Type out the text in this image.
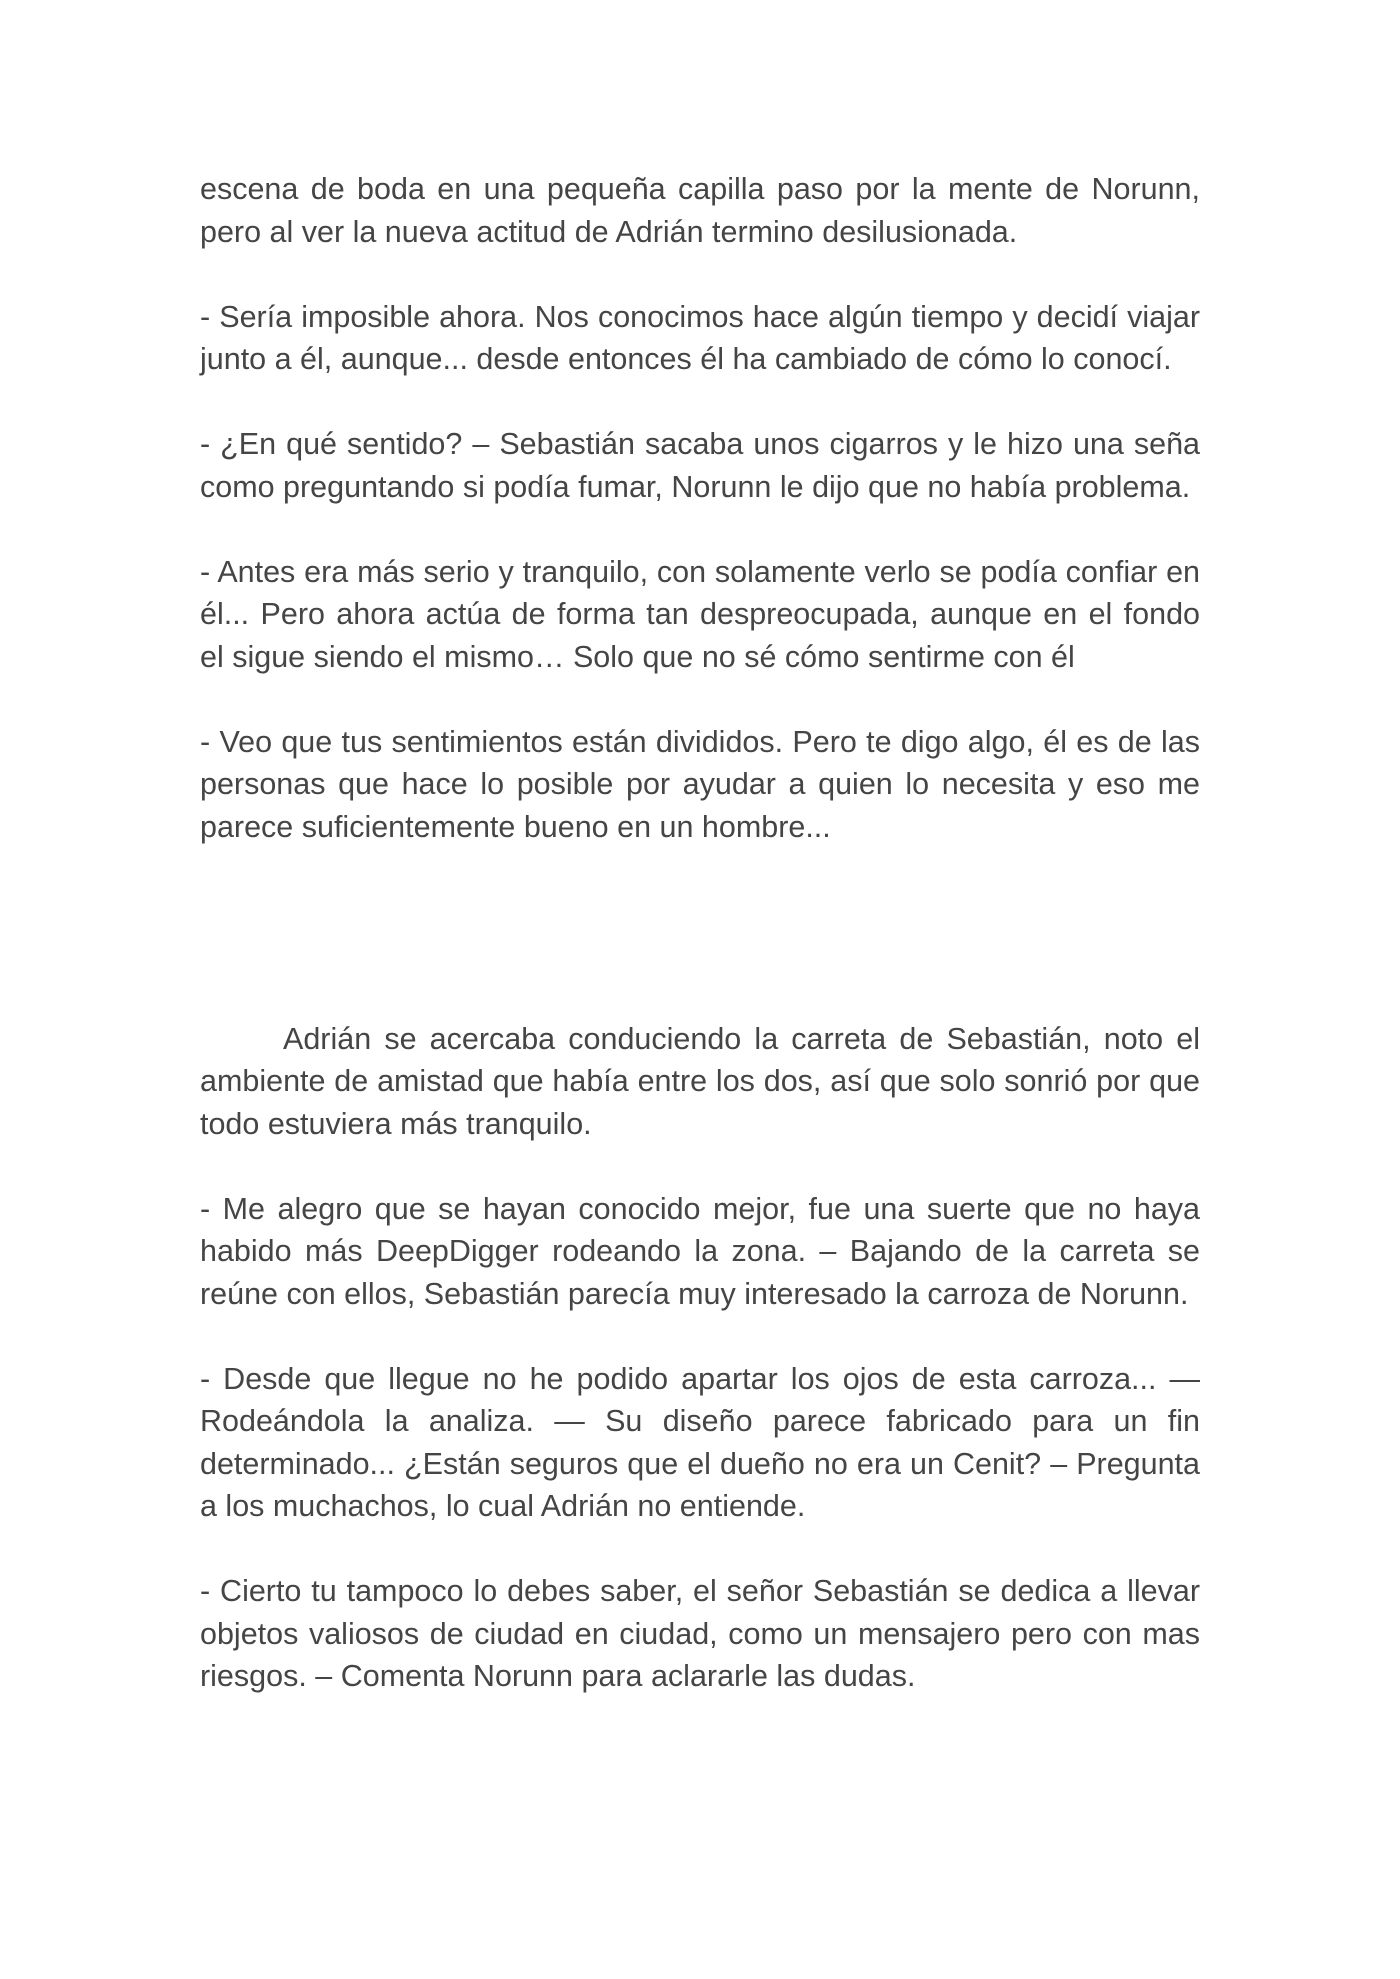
escena de boda en una pequeña capilla paso por la mente de Norunn, pero al ver la nueva actitud de Adrián termino desilusionada.

- Sería imposible ahora. Nos conocimos hace algún tiempo y decidí viajar junto a él, aunque... desde entonces él ha cambiado de cómo lo conocí.

- ¿En qué sentido? – Sebastián sacaba unos cigarros y le hizo una seña como preguntando si podía fumar, Norunn le dijo que no había problema.

- Antes era más serio y tranquilo, con solamente verlo se podía confiar en él... Pero ahora actúa de forma tan despreocupada, aunque en el fondo el sigue siendo el mismo… Solo que no sé cómo sentirme con él

- Veo que tus sentimientos están divididos. Pero te digo algo, él es de las personas que hace lo posible por ayudar a quien lo necesita y eso me parece suficientemente bueno en un hombre...

Adrián se acercaba conduciendo la carreta de Sebastián, noto el ambiente de amistad que había entre los dos, así que solo sonrió por que todo estuviera más tranquilo.

- Me alegro que se hayan conocido mejor, fue una suerte que no haya habido más DeepDigger rodeando la zona. – Bajando de la carreta se reúne con ellos, Sebastián parecía muy interesado la carroza de Norunn.

- Desde que llegue no he podido apartar los ojos de esta carroza... — Rodeándola la analiza. — Su diseño parece fabricado para un fin determinado... ¿Están seguros que el dueño no era un Cenit? – Pregunta a los muchachos, lo cual Adrián no entiende.

- Cierto tu tampoco lo debes saber, el señor Sebastián se dedica a llevar objetos valiosos de ciudad en ciudad, como un mensajero pero con mas riesgos. – Comenta Norunn para aclararle las dudas.
